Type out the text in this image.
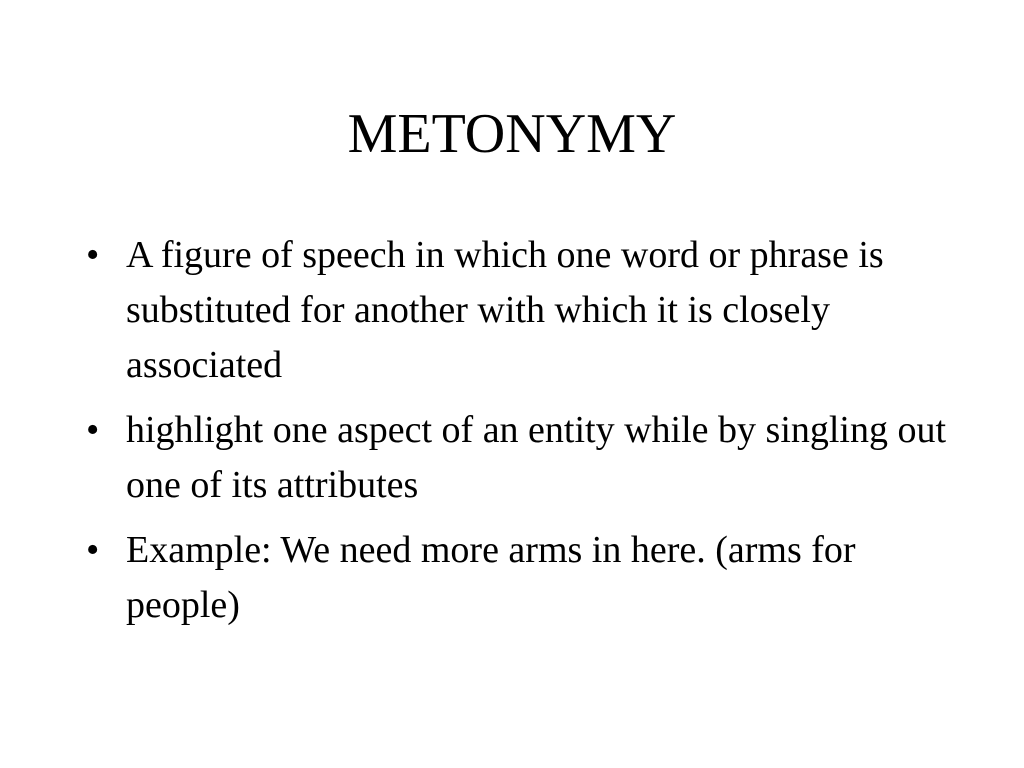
METONYMY
• A figure of speech in which one word or phrase is substituted for another with which it is closely associated
• highlight one aspect of an entity while by singling out one of its attributes
• Example: We need more arms in here. (arms for people)
